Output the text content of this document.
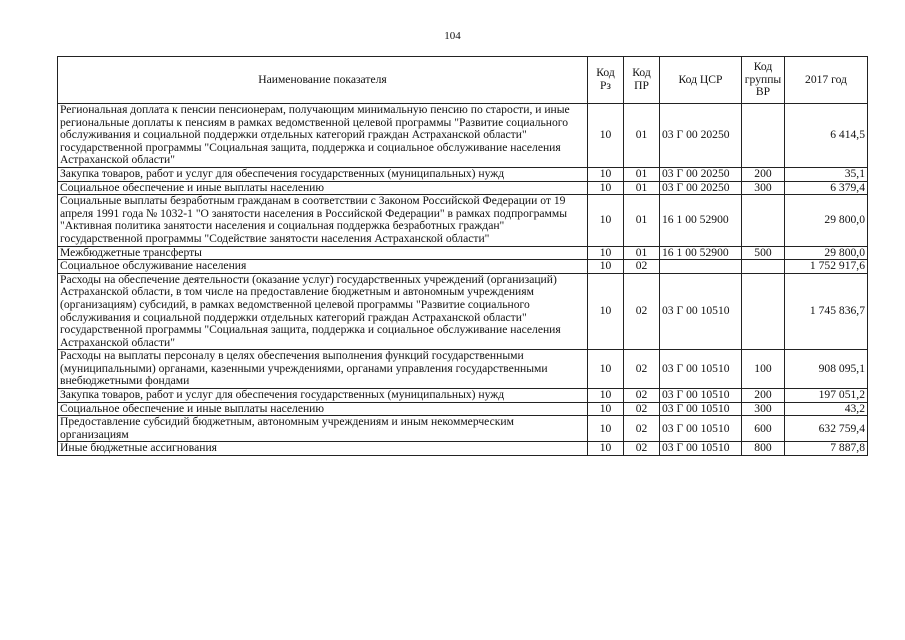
104
Наименование показателя	Код Рз	Код ПР	Код ЦСР	Код группы ВР	2017 год
Региональная доплата к пенсии пенсионерам, получающим минимальную пенсию по старости, и иные региональные доплаты к пенсиям в рамках ведомственной целевой программы "Развитие социального обслуживания и социальной поддержки отдельных категорий граждан Астраханской области" государственной программы "Социальная защита, поддержка и социальное обслуживание населения Астраханской области"	10	01	03 Г 00 20250		6 414,5
Закупка товаров, работ и услуг для обеспечения государственных (муниципальных) нужд	10	01	03 Г 00 20250	200	35,1
Социальное обеспечение и иные выплаты населению	10	01	03 Г 00 20250	300	6 379,4
Социальные выплаты безработным гражданам в соответствии с Законом Российской Федерации от 19 апреля 1991 года № 1032-1 "О занятости населения в Российской Федерации" в рамках подпрограммы "Активная политика занятости населения и социальная поддержка безработных граждан" государственной программы "Содействие занятости населения Астраханской области"	10	01	16 1 00 52900		29 800,0
Межбюджетные трансферты	10	01	16 1 00 52900	500	29 800,0
Социальное обслуживание населения	10	02			1 752 917,6
Расходы на обеспечение деятельности (оказание услуг) государственных учреждений (организаций) Астраханской области, в том числе на предоставление бюджетным и автономным учреждениям (организациям) субсидий, в рамках ведомственной целевой программы "Развитие социального обслуживания и социальной поддержки отдельных категорий граждан Астраханской области" государственной программы "Социальная защита, поддержка и социальное обслуживание населения Астраханской области"	10	02	03 Г 00 10510		1 745 836,7
Расходы на выплаты персоналу в целях обеспечения выполнения функций государственными (муниципальными) органами, казенными учреждениями, органами управления государственными внебюджетными фондами	10	02	03 Г 00 10510	100	908 095,1
Закупка товаров, работ и услуг для обеспечения государственных (муниципальных) нужд	10	02	03 Г 00 10510	200	197 051,2
Социальное обеспечение и иные выплаты населению	10	02	03 Г 00 10510	300	43,2
Предоставление субсидий бюджетным, автономным учреждениям и иным некоммерческим организациям	10	02	03 Г 00 10510	600	632 759,4
Иные бюджетные ассигнования	10	02	03 Г 00 10510	800	7 887,8
